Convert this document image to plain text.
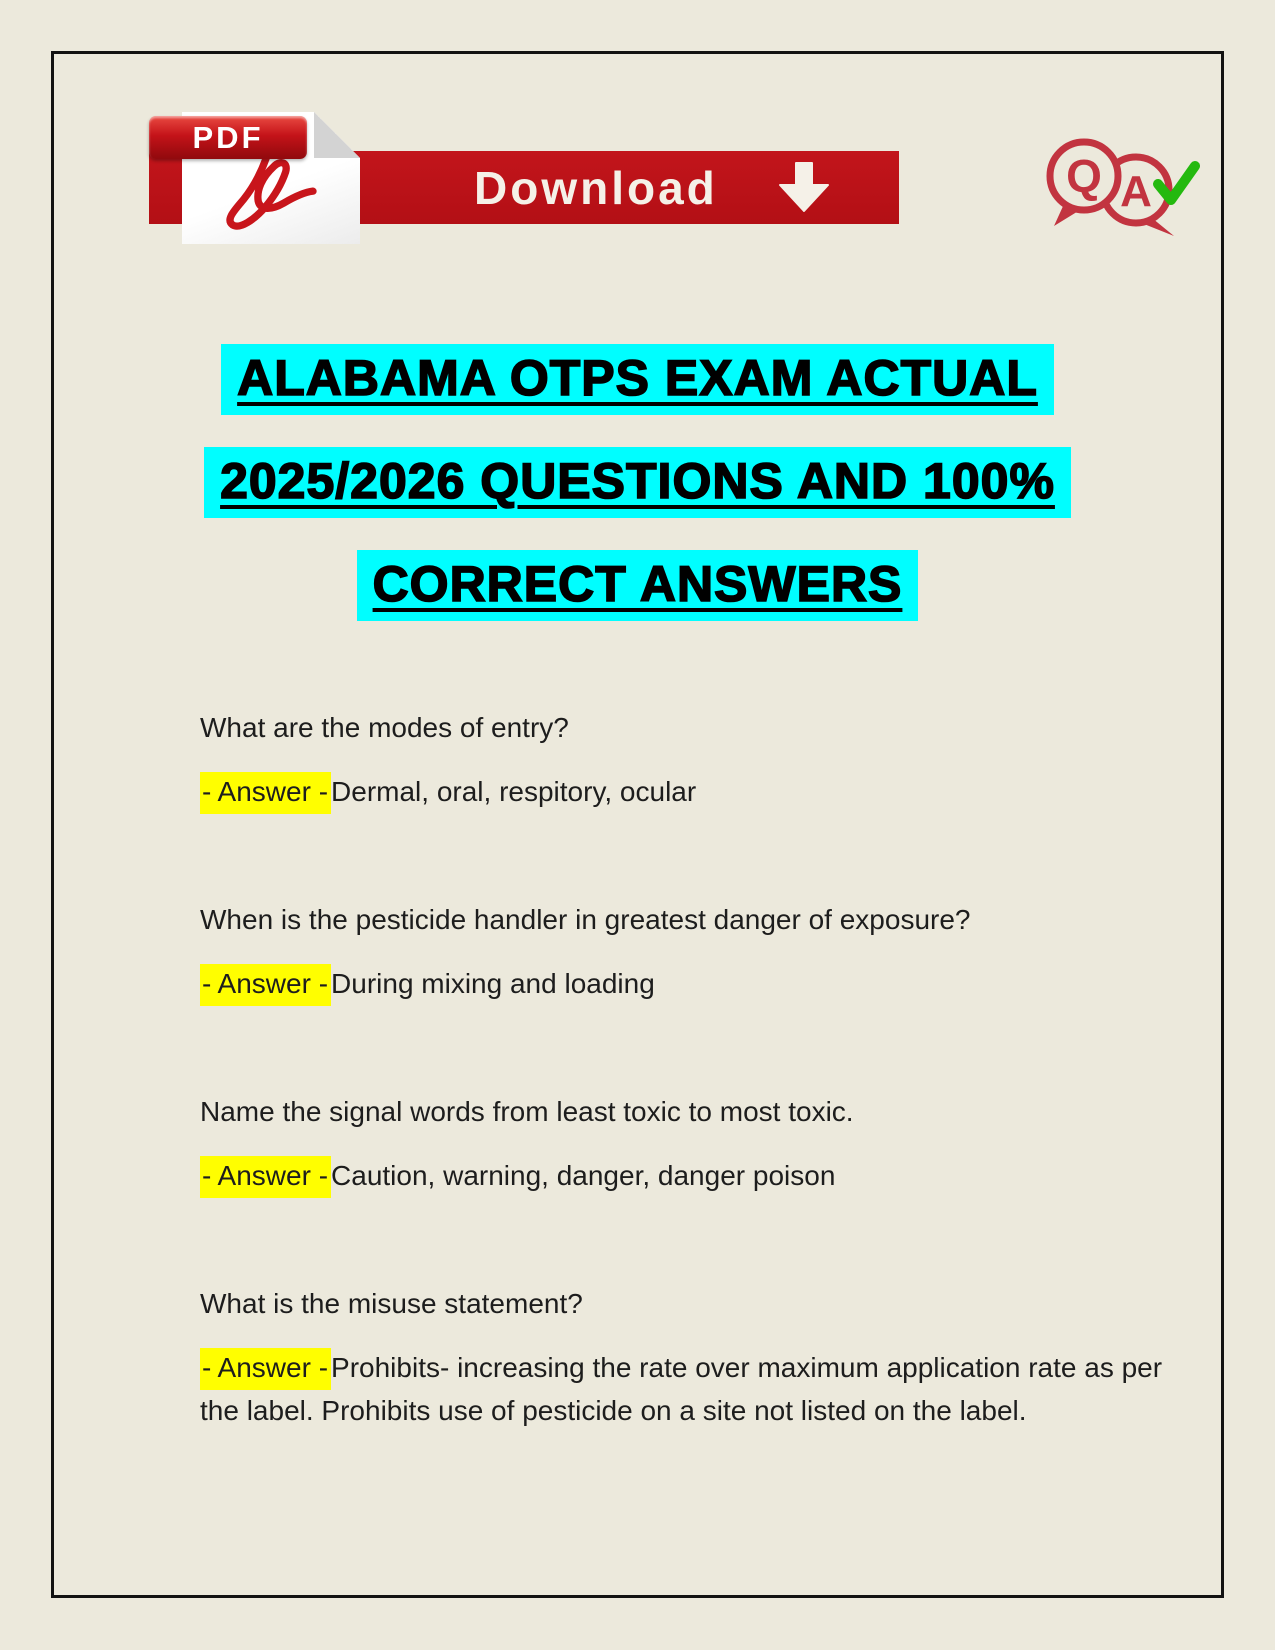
Download
PDF
A
Q
ALABAMA OTPS EXAM ACTUAL
2025/2026 QUESTIONS AND 100%
CORRECT ANSWERS

What are the modes of entry?

- Answer - Dermal, oral, respitory, ocular

When is the pesticide handler in greatest danger of exposure?

- Answer - During mixing and loading

Name the signal words from least toxic to most toxic.

- Answer - Caution, warning, danger, danger poison

What is the misuse statement?

- Answer - Prohibits- increasing the rate over maximum application rate as per the label. Prohibits use of pesticide on a site not listed on the label.
